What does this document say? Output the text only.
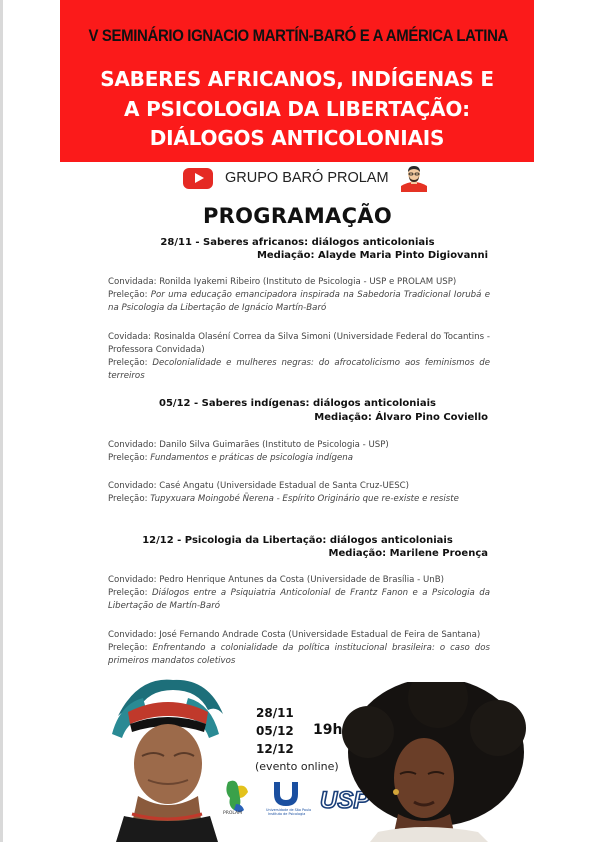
V SEMINÁRIO IGNACIO MARTÍN-BARÓ E A AMÉRICA LATINA
SABERES AFRICANOS, INDÍGENAS E
A PSICOLOGIA DA LIBERTAÇÃO:
DIÁLOGOS ANTICOLONIAIS
GRUPO BARÓ PROLAM
PROGRAMAÇÃO
28/11 - Saberes africanos: diálogos anticoloniais
Mediação: Alayde Maria Pinto Digiovanni

Convidada: Ronilda Iyakemi Ribeiro (Instituto de Psicologia - USP e PROLAM USP)

Preleção: Por uma educação emancipadora inspirada na Sabedoria Tradicional Iorubá e na Psicologia da Libertação de Ignácio Martín-Baró

Covidada: Rosinalda Olaséní Correa da Silva Simoni (Universidade Federal do Tocantins - Professora Convidada)

Preleção: Decolonialidade e mulheres negras: do afrocatolicismo aos feminismos de terreiros

05/12 - Saberes indígenas: diálogos anticoloniais
Mediação: Álvaro Pino Coviello

Convidado: Danilo Silva Guimarães (Instituto de Psicologia - USP)

Preleção: Fundamentos e práticas de psicologia indígena

Convidado: Casé Angatu (Universidade Estadual de Santa Cruz-UESC)

Preleção: Tupyxuara Moingobé Ñerena - Espírito Originário que re-existe e resiste

12/12 - Psicologia da Libertação: diálogos anticoloniais
Mediação: Marilene Proença

Convidado: Pedro Henrique Antunes da Costa (Universidade de Brasília - UnB)

Preleção: Diálogos entre a Psiquiatria Anticolonial de Frantz Fanon e a Psicologia da Libertação de Martín-Baró

Convidado: José Fernando Andrade Costa (Universidade Estadual de Feira de Santana)

Preleção: Enfrentando a colonialidade da política institucional brasileira: o caso dos primeiros mandatos coletivos

28/11
05/12
12/12
19h
(evento online)
PROLAM
Universidade de São Paulo
Instituto de Psicologia USP
